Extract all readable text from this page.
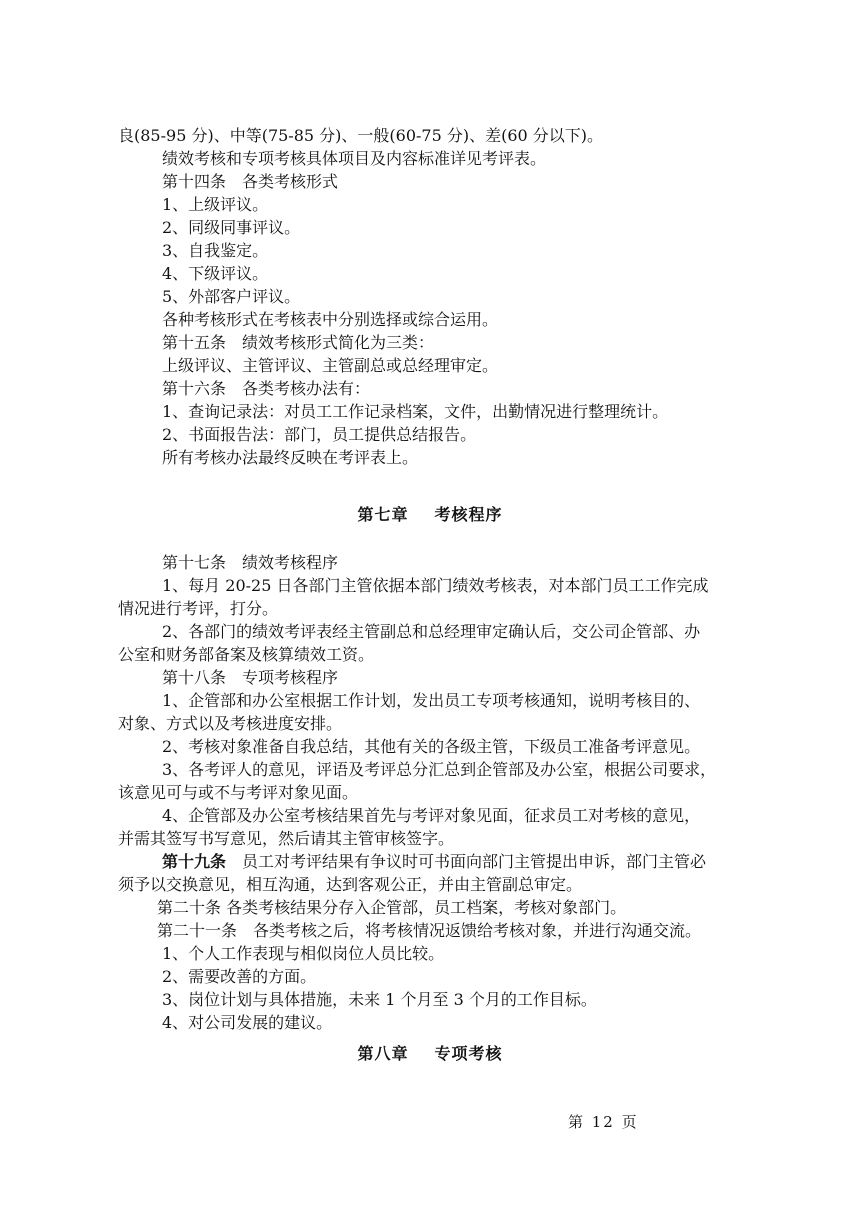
良(85-95 分)、中等(75-85 分)、一般(60-75 分)、差(60 分以下)。
绩效考核和专项考核具体项目及内容标准详见考评表。
第十四条　各类考核形式
1、上级评议。
2、同级同事评议。
3、自我鉴定。
4、下级评议。
5、外部客户评议。
各种考核形式在考核表中分别选择或综合运用。
第十五条　绩效考核形式简化为三类：
上级评议、主管评议、主管副总或总经理审定。
第十六条　各类考核办法有：
1、查询记录法：对员工工作记录档案，文件，出勤情况进行整理统计。
2、书面报告法：部门，员工提供总结报告。
所有考核办法最终反映在考评表上。
第七章 考核程序
第十七条　绩效考核程序
1、每月 20-25 日各部门主管依据本部门绩效考核表，对本部门员工工作完成
情况进行考评，打分。
2、各部门的绩效考评表经主管副总和总经理审定确认后，交公司企管部、办
公室和财务部备案及核算绩效工资。
第十八条　专项考核程序
1、企管部和办公室根据工作计划，发出员工专项考核通知，说明考核目的、
对象、方式以及考核进度安排。
2、考核对象准备自我总结，其他有关的各级主管，下级员工准备考评意见。
3、各考评人的意见，评语及考评总分汇总到企管部及办公室，根据公司要求，
该意见可与或不与考评对象见面。
4、企管部及办公室考核结果首先与考评对象见面，征求员工对考核的意见，
并需其签写书写意见，然后请其主管审核签字。
第十九条　员工对考评结果有争议时可书面向部门主管提出申诉，部门主管必
须予以交换意见，相互沟通，达到客观公正，并由主管副总审定。
第二十条 各类考核结果分存入企管部，员工档案，考核对象部门。
第二十一条　各类考核之后，将考核情况返馈给考核对象，并进行沟通交流。
1、个人工作表现与相似岗位人员比较。
2、需要改善的方面。
3、岗位计划与具体措施，未来 1 个月至 3 个月的工作目标。
4、对公司发展的建议。
第八章 专项考核
第 12 页
